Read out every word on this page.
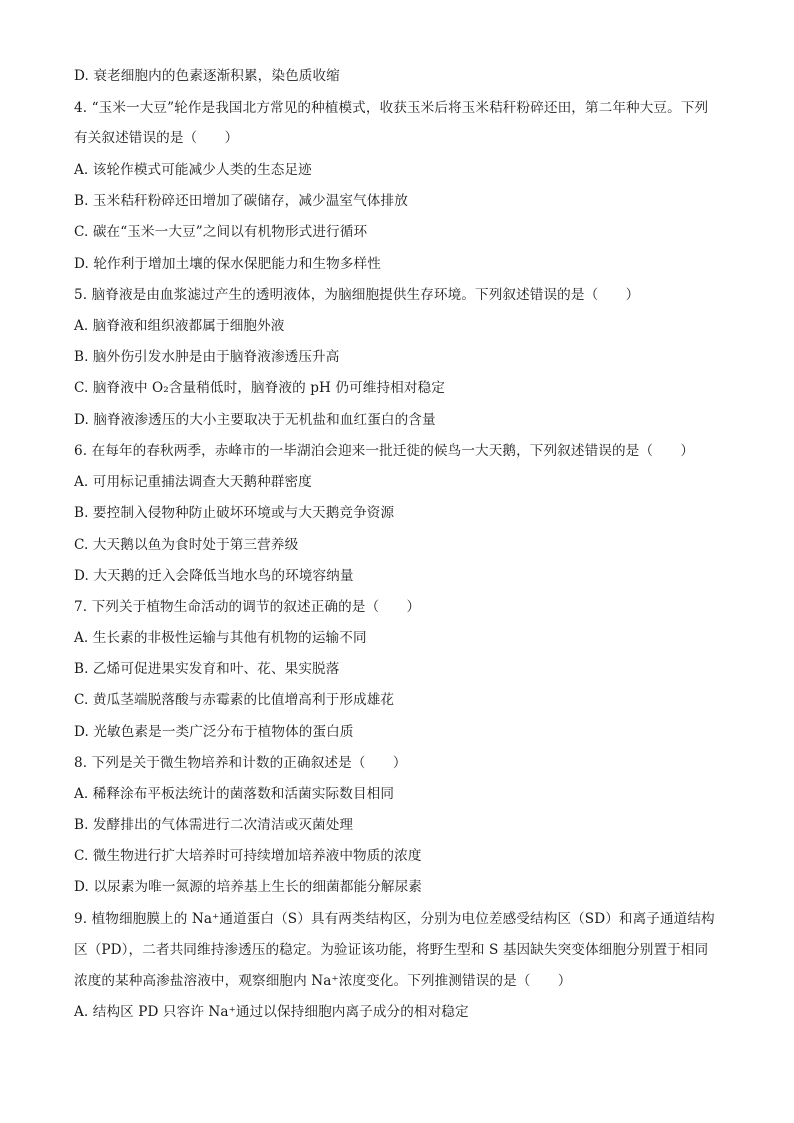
D. 衰老细胞内的色素逐渐积累，染色质收缩
4. “玉米一大豆”轮作是我国北方常见的种植模式，收获玉米后将玉米秸秆粉碎还田，第二年种大豆。下列
有关叙述错误的是（　　）
A. 该轮作模式可能减少人类的生态足迹
B. 玉米秸秆粉碎还田增加了碳储存，减少温室气体排放
C. 碳在“玉米一大豆”之间以有机物形式进行循环
D. 轮作利于增加土壤的保水保肥能力和生物多样性
5. 脑脊液是由血浆滤过产生的透明液体，为脑细胞提供生存环境。下列叙述错误的是（　　）
A. 脑脊液和组织液都属于细胞外液
B. 脑外伤引发水肿是由于脑脊液渗透压升高
C. 脑脊液中 O₂含量稍低时，脑脊液的 pH 仍可维持相对稳定
D. 脑脊液渗透压的大小主要取决于无机盐和血红蛋白的含量
6. 在每年的春秋两季，赤峰市的一毕湖泊会迎来一批迁徙的候鸟一大天鹅，下列叙述错误的是（　　）
A. 可用标记重捕法调查大天鹅种群密度
B. 要控制入侵物种防止破坏环境或与大天鹅竞争资源
C. 大天鹅以鱼为食时处于第三营养级
D. 大天鹅的迁入会降低当地水鸟的环境容纳量
7. 下列关于植物生命活动的调节的叙述正确的是（　　）
A. 生长素的非极性运输与其他有机物的运输不同
B. 乙烯可促进果实发育和叶、花、果实脱落
C. 黄瓜茎端脱落酸与赤霉素的比值增高利于形成雄花
D. 光敏色素是一类广泛分布于植物体的蛋白质
8. 下列是关于微生物培养和计数的正确叙述是（　　）
A. 稀释涂布平板法统计的菌落数和活菌实际数目相同
B. 发酵排出的气体需进行二次清洁或灭菌处理
C. 微生物进行扩大培养时可持续增加培养液中物质的浓度
D. 以尿素为唯一氮源的培养基上生长的细菌都能分解尿素
9. 植物细胞膜上的 Na⁺通道蛋白（S）具有两类结构区，分别为电位差感受结构区（SD）和离子通道结构
区（PD），二者共同维持渗透压的稳定。为验证该功能，将野生型和 S 基因缺失突变体细胞分别置于相同
浓度的某种高渗盐溶液中，观察细胞内 Na⁺浓度变化。下列推测错误的是（　　）
A. 结构区 PD 只容许 Na⁺通过以保持细胞内离子成分的相对稳定
